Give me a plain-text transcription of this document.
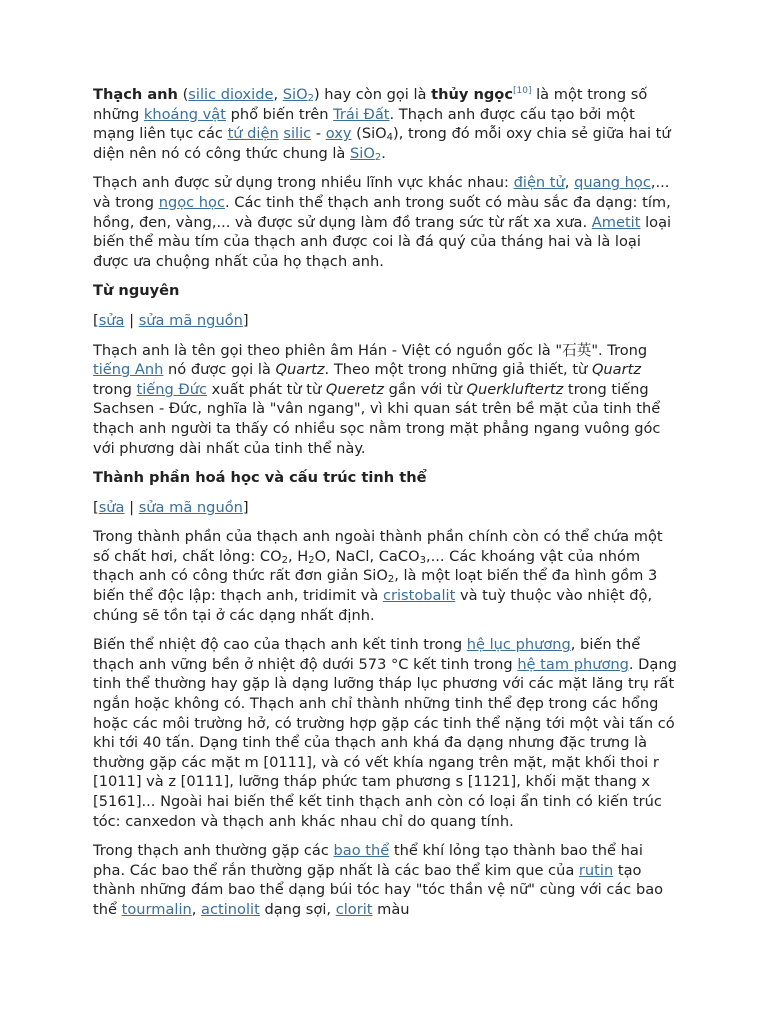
Thạch anh (silic dioxide, SiO$_2$) hay còn gọi là thủy ngọc[10] là một trong số những khoáng vật phổ biến trên Trái Đất. Thạch anh được cấu tạo bởi một mạng liên tục các tứ diện silic - oxy (SiO$_4$), trong đó mỗi oxy chia sẻ giữa hai tứ diện nên nó có công thức chung là SiO$_2$.

Thạch anh được sử dụng trong nhiều lĩnh vực khác nhau: điện tử, quang học,... và trong ngọc học. Các tinh thể thạch anh trong suốt có màu sắc đa dạng: tím, hồng, đen, vàng,... và được sử dụng làm đồ trang sức từ rất xa xưa. Ametit loại biến thể màu tím của thạch anh được coi là đá quý của tháng hai và là loại được ưa chuộng nhất của họ thạch anh.

Từ nguyên
[sửa | sửa mã nguồn]

Thạch anh là tên gọi theo phiên âm Hán - Việt có nguồn gốc là "石英". Trong tiếng Anh nó được gọi là Quartz. Theo một trong những giả thiết, từ Quartz trong tiếng Đức xuất phát từ từ Queretz gần với từ Querkluftertz trong tiếng Sachsen - Đức, nghĩa là "vân ngang", vì khi quan sát trên bề mặt của tinh thể thạch anh người ta thấy có nhiều sọc nằm trong mặt phẳng ngang vuông góc với phương dài nhất của tinh thể này.

Thành phần hoá học và cấu trúc tinh thể
[sửa | sửa mã nguồn]

Trong thành phần của thạch anh ngoài thành phần chính còn có thể chứa một số chất hơi, chất lỏng: $CO_2$, $H_2O$, NaCl, CaCO$_3$,... Các khoáng vật của nhóm thạch anh có công thức rất đơn giản SiO$_2$, là một loạt biến thể đa hình gồm 3 biến thể độc lập: thạch anh, tridimit và cristobalit và tuỳ thuộc vào nhiệt độ, chúng sẽ tồn tại ở các dạng nhất định.

Biến thể nhiệt độ cao của thạch anh kết tinh trong hệ lục phương, biến thể thạch anh vững bền ở nhiệt độ dưới 573 °C kết tinh trong hệ tam phương. Dạng tinh thể thường hay gặp là dạng lưỡng tháp lục phương với các mặt lăng trụ rất ngắn hoặc không có. Thạch anh chỉ thành những tinh thể đẹp trong các hổng hoặc các môi trường hở, có trường hợp gặp các tinh thể nặng tới một vài tấn có khi tới 40 tấn. Dạng tinh thể của thạch anh khá đa dạng nhưng đặc trưng là thường gặp các mặt m [0111], và có vết khía ngang trên mặt, mặt khối thoi r [1011] và z [0111], lưỡng tháp phức tam phương s [1121], khối mặt thang x [5161]... Ngoài hai biến thể kết tinh thạch anh còn có loại ẩn tinh có kiến trúc tóc: canxedon và thạch anh khác nhau chỉ do quang tính.

Trong thạch anh thường gặp các bao thể thể khí lỏng tạo thành bao thể hai pha. Các bao thể rắn thường gặp nhất là các bao thể kim que của rutin tạo thành những đám bao thể dạng búi tóc hay "tóc thần vệ nữ" cùng với các bao thể tourmalin, actinolit dạng sợi, clorit màu
